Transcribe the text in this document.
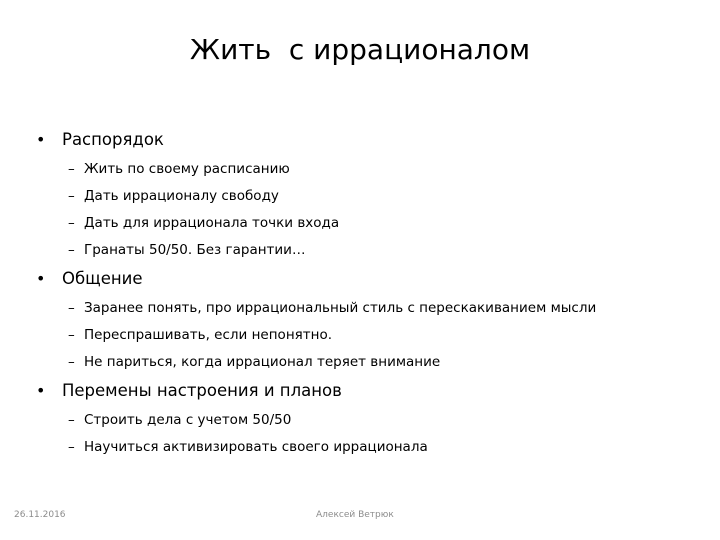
Жить  с иррационалом
• Распорядок
– Жить по своему расписанию
– Дать иррационалу свободу
– Дать для иррационала точки входа
– Гранаты 50/50. Без гарантии…
• Общение
– Заранее понять, про иррациональный стиль с перескакиванием мысли
– Переспрашивать, если непонятно.
– Не париться, когда иррационал теряет внимание
• Перемены настроения и планов
– Строить дела с учетом 50/50
– Научиться активизировать своего иррационала
26.11.2016	Алексей Ветрюк
